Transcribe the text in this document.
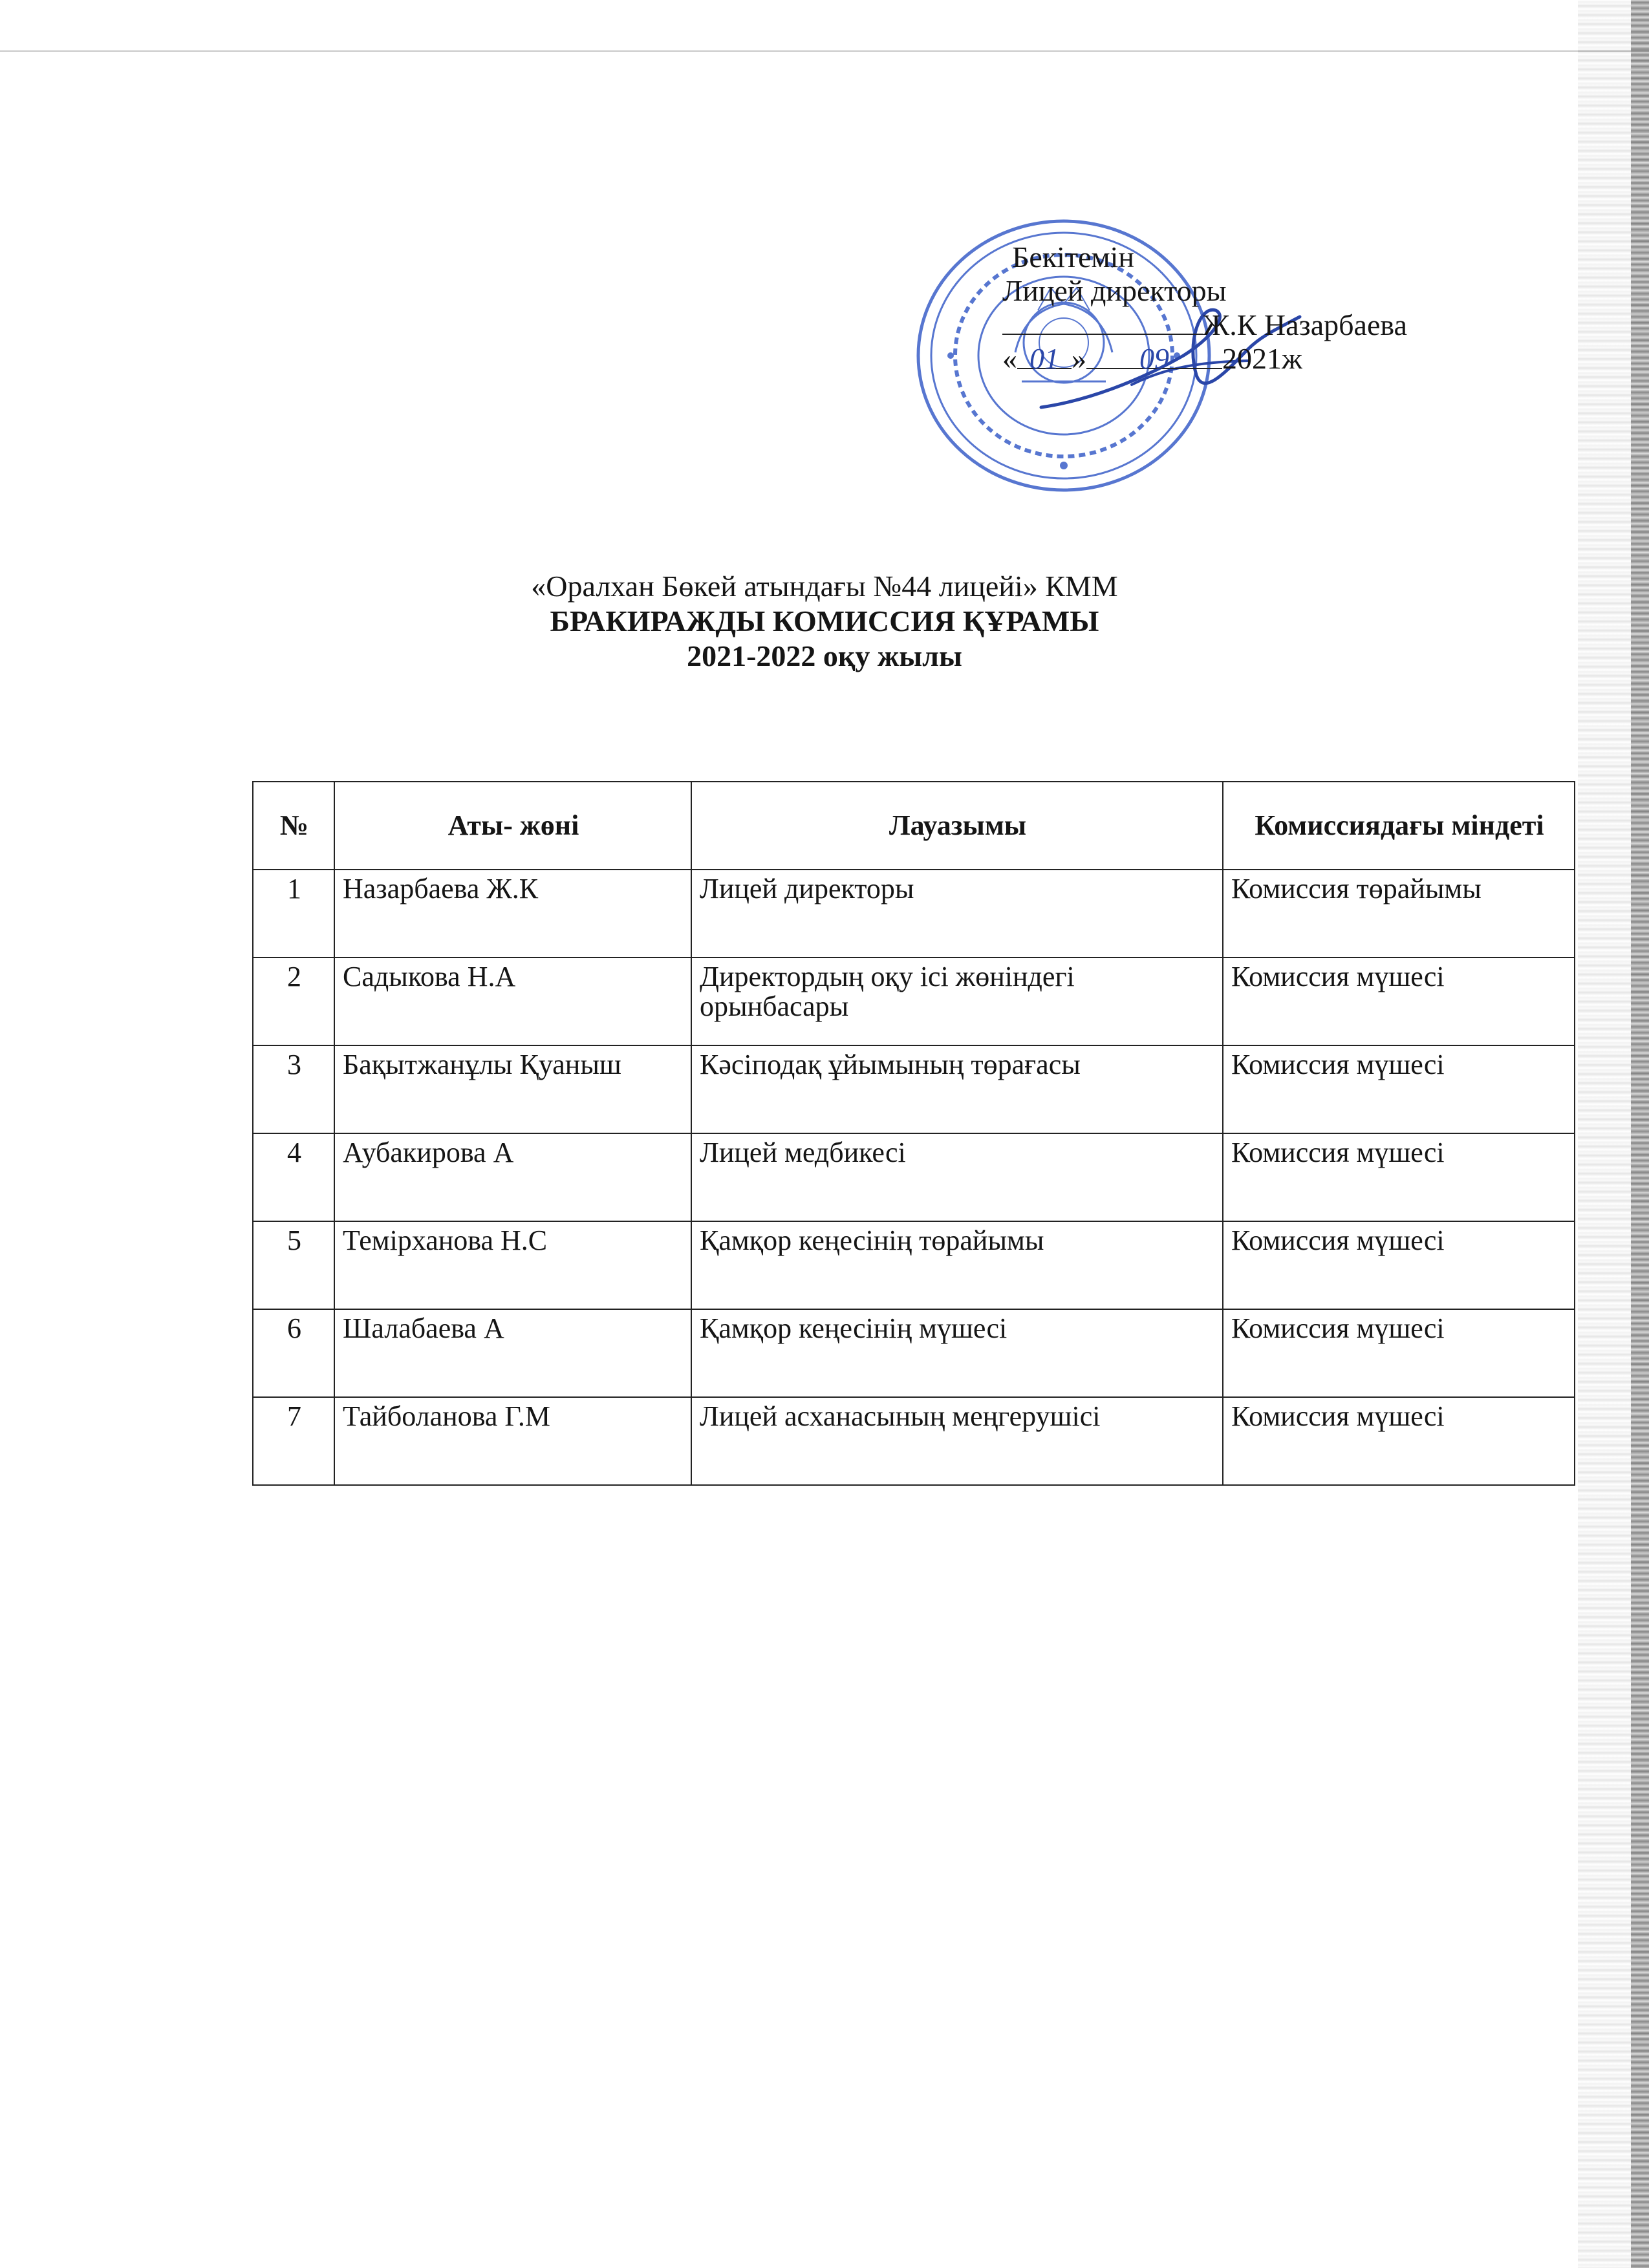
Бекітемін
Лицей директоры
Ж.К Назарбаева
« 01 » 09 2021ж
«Оралхан Бөкей атындағы №44 лицейі» КММ
БРАКИРАЖДЫ КОМИССИЯ ҚҰРАМЫ
2021-2022 оқу жылы
№	Аты- жөні	Лауазымы	Комиссиядағы міндеті
1	Назарбаева Ж.К	Лицей директоры	Комиссия төрайымы
2	Садыкова Н.А	Директордың оқу ісі жөніндегі орынбасары	Комиссия мүшесі
3	Бақытжанұлы Қуаныш	Кәсіподақ ұйымының төрағасы	Комиссия мүшесі
4	Аубакирова А	Лицей медбикесі	Комиссия мүшесі
5	Темірханова Н.С	Қамқор кеңесінің төрайымы	Комиссия мүшесі
6	Шалабаева А	Қамқор кеңесінің мүшесі	Комиссия мүшесі
7	Тайболанова Г.М	Лицей асханасының меңгерушісі	Комиссия мүшесі
